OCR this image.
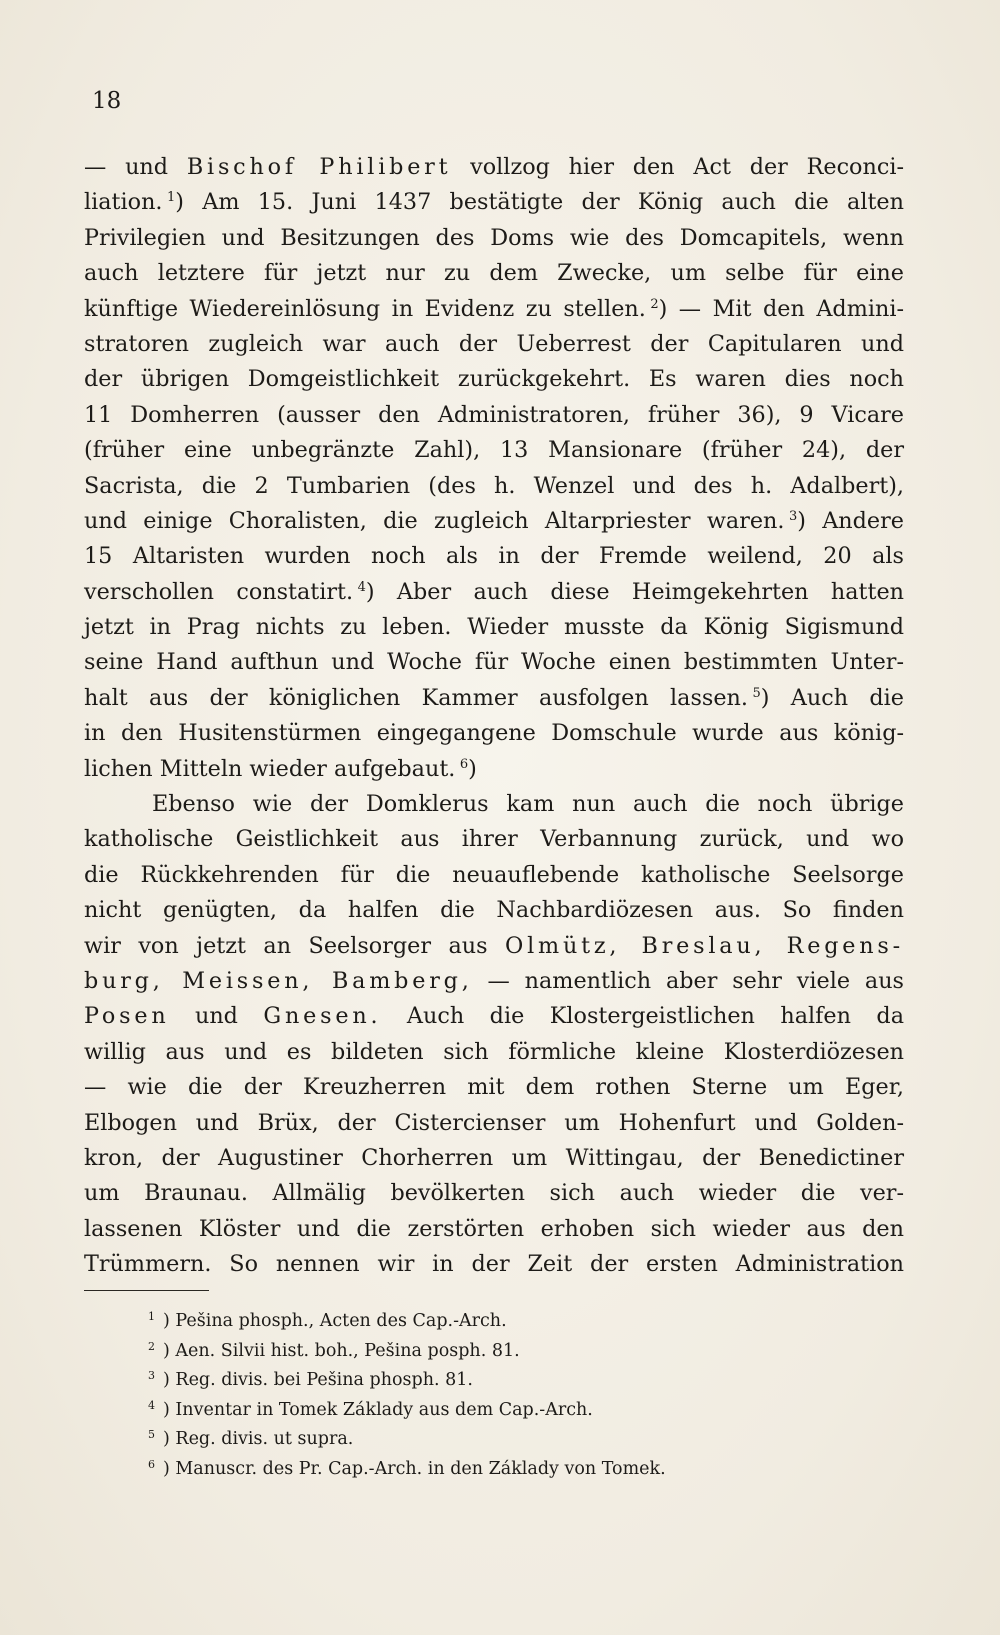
18
— und Bischof Philibert vollzog hier den Act der Reconci-
liation.  $^1$) Am 15. Juni 1437 bestätigte der König auch die alten
Privilegien und Besitzungen des Doms wie des Domcapitels, wenn
auch letztere für jetzt nur zu dem Zwecke, um selbe für eine
künftige Wiedereinlösung in Evidenz zu stellen.  $^2$) — Mit den Admini-
stratoren zugleich war auch der Ueberrest der Capitularen und
der übrigen Domgeistlichkeit zurückgekehrt. Es waren dies noch
11 Domherren (ausser den Administratoren, früher 36), 9 Vicare
(früher eine unbegränzte Zahl), 13 Mansionare (früher 24), der
Sacrista, die 2 Tumbarien (des h. Wenzel und des h. Adalbert),
und einige Choralisten, die zugleich Altarpriester waren.  $^3$) Andere
15 Altaristen wurden noch als in der Fremde weilend, 20 als
verschollen constatirt.  $^4$) Aber auch diese Heimgekehrten hatten
jetzt in Prag nichts zu leben. Wieder musste da König Sigismund
seine Hand aufthun und Woche für Woche einen bestimmten Unter-
halt aus der königlichen Kammer ausfolgen lassen.  $^5$) Auch die
in den Husitenstürmen eingegangene Domschule wurde aus könig-
lichen Mitteln wieder aufgebaut.  $^6$)
Ebenso wie der Domklerus kam nun auch die noch übrige
katholische Geistlichkeit aus ihrer Verbannung zurück, und wo
die Rückkehrenden für die neuauflebende katholische Seelsorge
nicht genügten, da halfen die Nachbardiözesen aus. So finden
wir von jetzt an Seelsorger aus Olmütz, Breslau, Regens-
burg, Meissen, Bamberg, — namentlich aber sehr viele aus
Posen und Gnesen. Auch die Klostergeistlichen halfen da
willig aus und es bildeten sich förmliche kleine Klosterdiözesen
— wie die der Kreuzherren mit dem rothen Sterne um Eger,
Elbogen und Brüx, der Cistercienser um Hohenfurt und Golden-
kron, der Augustiner Chorherren um Wittingau, der Benedictiner
um Braunau. Allmälig bevölkerten sich auch wieder die ver-
lassenen Klöster und die zerstörten erhoben sich wieder aus den
Trümmern. So nennen wir in der Zeit der ersten Administration
$^1$ ) Pešina phosph., Acten des Cap.-Arch.
$^2$ ) Aen. Silvii hist. boh., Pešina posph. 81.
$^3$ ) Reg. divis. bei Pešina phosph. 81.
$^4$ ) Inventar in Tomek Základy aus dem Cap.-Arch.
$^5$ ) Reg. divis. ut supra.
$^6$ ) Manuscr. des Pr. Cap.-Arch. in den Základy von Tomek.
